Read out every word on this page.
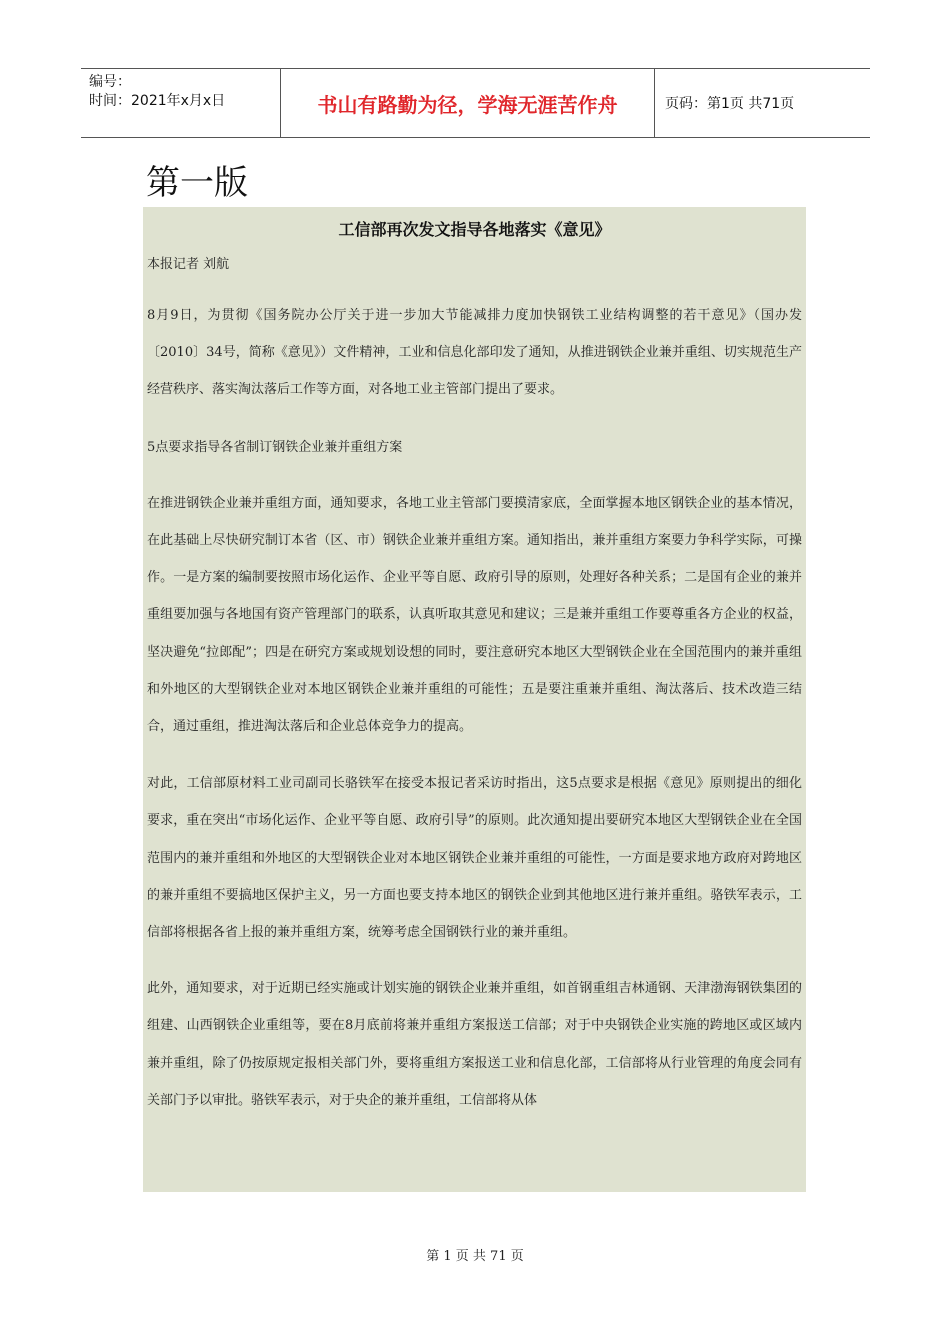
编号：
时间：2021年x月x日	书山有路勤为径，学海无涯苦作舟	页码：第1页 共71页
第一版
工信部再次发文指导各地落实《意见》
本报记者 刘航

8月9日，为贯彻《国务院办公厅关于进一步加大节能减排力度加快钢铁工业结构调整的若干意见》（国办发〔2010〕34号，简称《意见》）文件精神，工业和信息化部印发了通知，从推进钢铁企业兼并重组、切实规范生产经营秩序、落实淘汰落后工作等方面，对各地工业主管部门提出了要求。

5点要求指导各省制订钢铁企业兼并重组方案

在推进钢铁企业兼并重组方面，通知要求，各地工业主管部门要摸清家底，全面掌握本地区钢铁企业的基本情况，在此基础上尽快研究制订本省（区、市）钢铁企业兼并重组方案。通知指出，兼并重组方案要力争科学实际，可操作。一是方案的编制要按照市场化运作、企业平等自愿、政府引导的原则，处理好各种关系；二是国有企业的兼并重组要加强与各地国有资产管理部门的联系，认真听取其意见和建议；三是兼并重组工作要尊重各方企业的权益，坚决避免“拉郎配”；四是在研究方案或规划设想的同时，要注意研究本地区大型钢铁企业在全国范围内的兼并重组和外地区的大型钢铁企业对本地区钢铁企业兼并重组的可能性；五是要注重兼并重组、淘汰落后、技术改造三结合，通过重组，推进淘汰落后和企业总体竞争力的提高。

对此，工信部原材料工业司副司长骆铁军在接受本报记者采访时指出，这5点要求是根据《意见》原则提出的细化要求，重在突出“市场化运作、企业平等自愿、政府引导”的原则。此次通知提出要研究本地区大型钢铁企业在全国范围内的兼并重组和外地区的大型钢铁企业对本地区钢铁企业兼并重组的可能性，一方面是要求地方政府对跨地区的兼并重组不要搞地区保护主义，另一方面也要支持本地区的钢铁企业到其他地区进行兼并重组。骆铁军表示，工信部将根据各省上报的兼并重组方案，统筹考虑全国钢铁行业的兼并重组。

此外，通知要求，对于近期已经实施或计划实施的钢铁企业兼并重组，如首钢重组吉林通钢、天津渤海钢铁集团的组建、山西钢铁企业重组等，要在8月底前将兼并重组方案报送工信部；对于中央钢铁企业实施的跨地区或区域内兼并重组，除了仍按原规定报相关部门外，要将重组方案报送工业和信息化部，工信部将从行业管理的角度会同有关部门予以审批。骆铁军表示，对于央企的兼并重组，工信部将从体

第 1 页 共 71 页
